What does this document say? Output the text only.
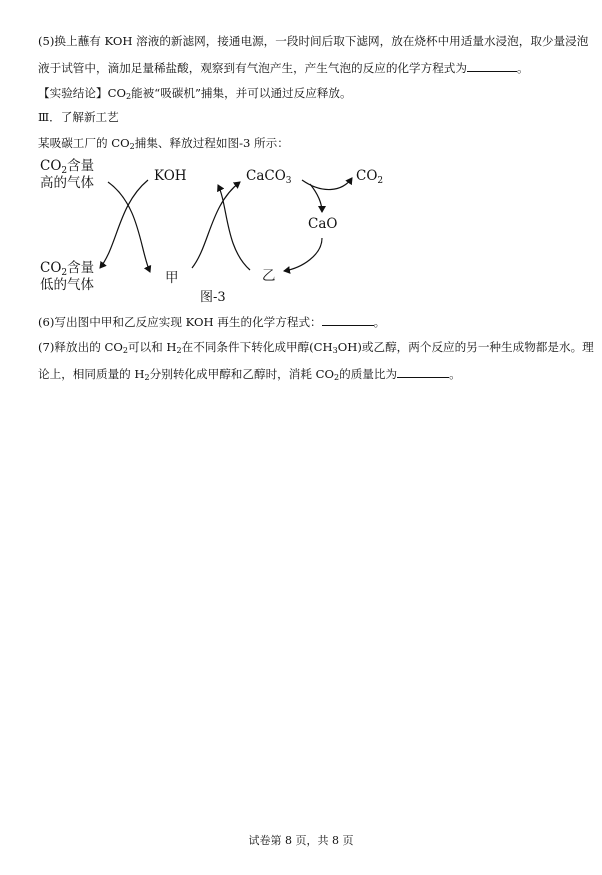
(5)换上蘸有 KOH 溶液的新滤网，接通电源，一段时间后取下滤网，放在烧杯中用适量水浸泡，取少量浸泡
液于试管中，滴加足量稀盐酸，观察到有气泡产生，产生气泡的反应的化学方程式为	。
【实验结论】$CO_2$能被“吸碳机”捕集，并可以通过反应释放。
Ⅲ．了解新工艺
某吸碳工厂的 $CO_2$捕集、释放过程如图-3 所示：
$CO_2$含量
高的气体	KOH	CaCO$_3$	$CO_2$
CaO
$CO_2$含量
低的气体	甲	乙
图-3
(6)写出图中甲和乙反应实现 KOH 再生的化学方程式：	。
(7)释放出的 $CO_2$可以和 $H_2$在不同条件下转化成甲醇$(CH_3OH)$或乙醇，两个反应的另一种生成物都是水。理
论上，相同质量的 $H_2$分别转化成甲醇和乙醇时，消耗 $CO_2$的质量比为	。
试卷第 8 页，共 8 页
